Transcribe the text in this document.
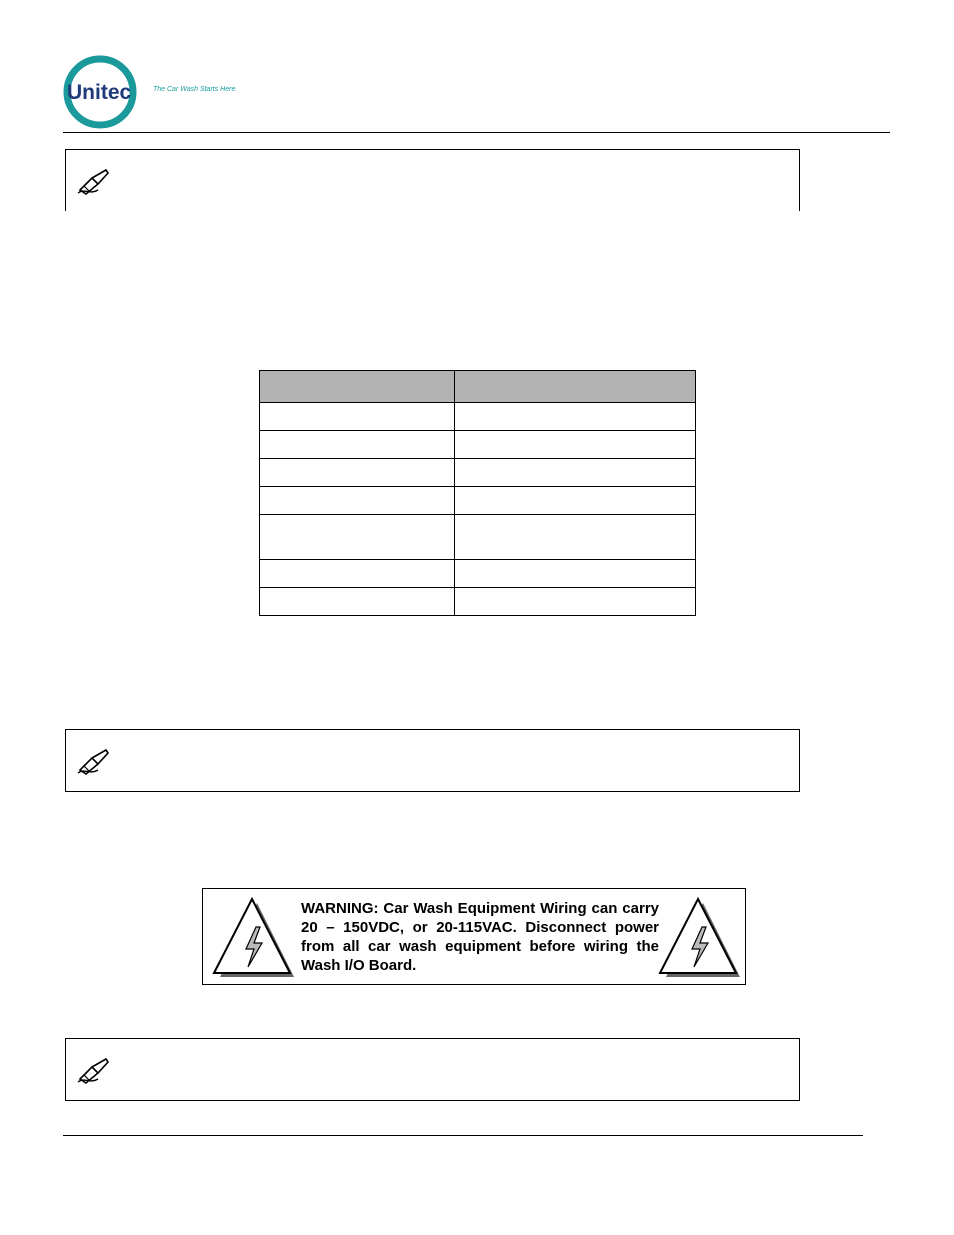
Unitec	The Car Wash Starts Here.

WARNING: Car Wash Equipment Wiring can carry 20 – 150VDC, or 20-115VAC. Disconnect power from all car wash equipment before wiring the Wash I/O Board.
